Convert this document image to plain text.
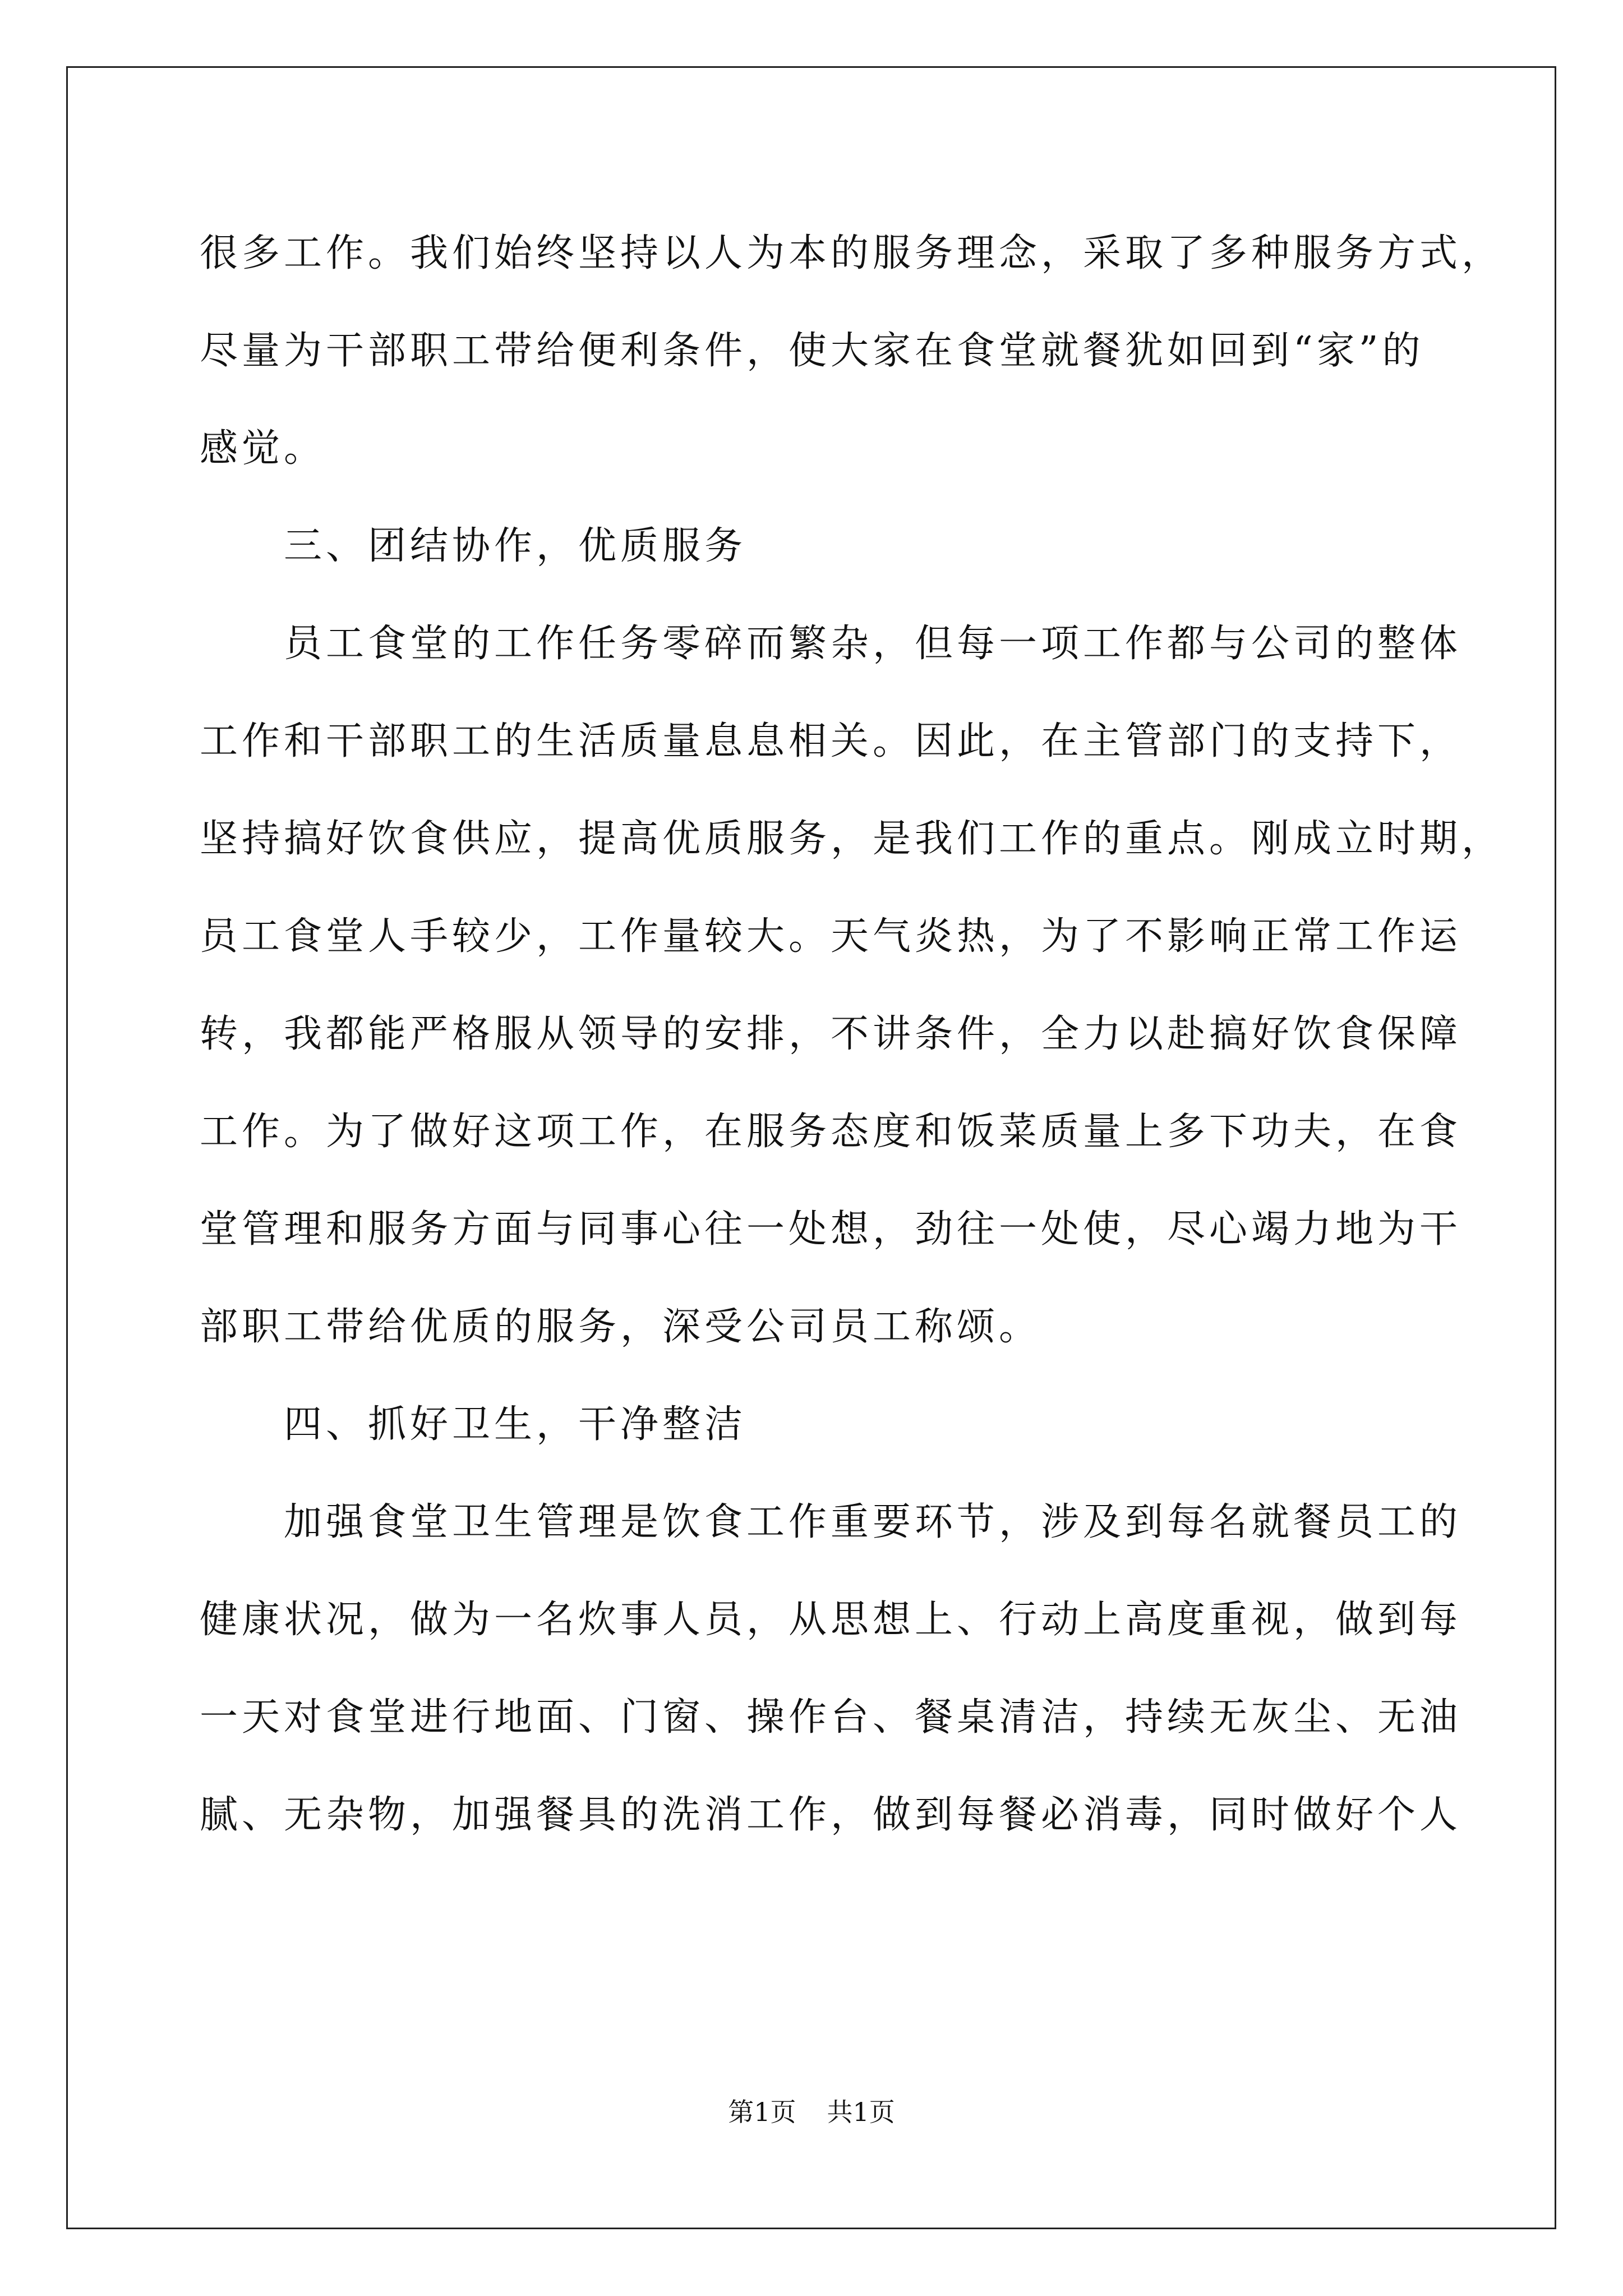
很多工作。我们始终坚持以人为本的服务理念，采取了多种服务方式，
尽量为干部职工带给便利条件，使大家在食堂就餐犹如回到“家”的
感觉。
三、团结协作，优质服务
员工食堂的工作任务零碎而繁杂，但每一项工作都与公司的整体
工作和干部职工的生活质量息息相关。因此，在主管部门的支持下，
坚持搞好饮食供应，提高优质服务，是我们工作的重点。刚成立时期，
员工食堂人手较少，工作量较大。天气炎热，为了不影响正常工作运
转，我都能严格服从领导的安排，不讲条件，全力以赴搞好饮食保障
工作。为了做好这项工作，在服务态度和饭菜质量上多下功夫，在食
堂管理和服务方面与同事心往一处想，劲往一处使，尽心竭力地为干
部职工带给优质的服务，深受公司员工称颂。
四、抓好卫生，干净整洁
加强食堂卫生管理是饮食工作重要环节，涉及到每名就餐员工的
健康状况，做为一名炊事人员，从思想上、行动上高度重视，做到每
一天对食堂进行地面、门窗、操作台、餐桌清洁，持续无灰尘、无油
腻、无杂物，加强餐具的洗消工作，做到每餐必消毒，同时做好个人
第1页 共1页
